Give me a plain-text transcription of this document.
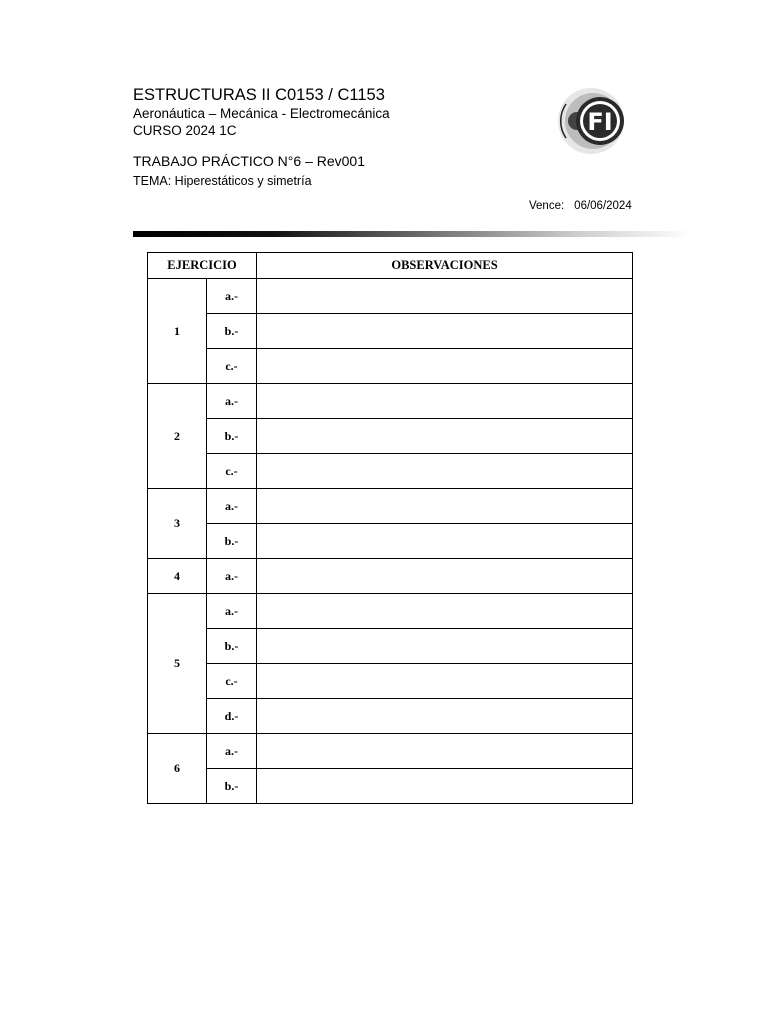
ESTRUCTURAS II C0153 / C1153
Aeronáutica – Mecánica - Electromecánica
CURSO 2024 1C
TRABAJO PRÁCTICO N°6 – Rev001
TEMA: Hiperestáticos y simetría
Vence: 06/06/2024
FI
EJERCICIO		OBSERVACIONES
1	a.-	
	b.-	
	c.-	
2	a.-	
	b.-	
	c.-	
3	a.-	
	b.-	
4	a.-	
5	a.-	
	b.-	
	c.-	
	d.-	
6	a.-	
	b.-	
